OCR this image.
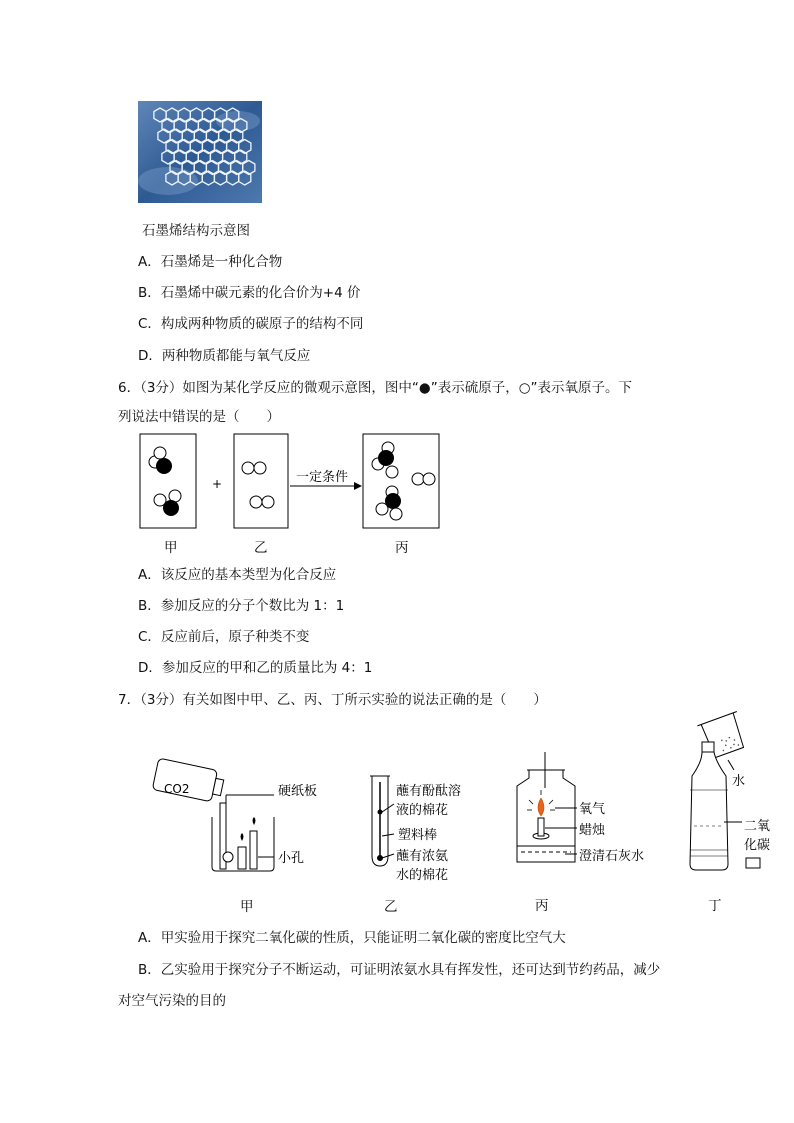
石墨烯结构示意图
A．石墨烯是一种化合物
B．石墨烯中碳元素的化合价为+4 价
C．构成两种物质的碳原子的结构不同
D．两种物质都能与氧气反应
6．（3分）如图为某化学反应的微观示意图，图中“●”表示硫原子，○”表示氧原子。下
列说法中错误的是（　　）
+	一定条件
甲	乙	丙
A．该反应的基本类型为化合反应
B．参加反应的分子个数比为 1：1
C．反应前后，原子种类不变
D．参加反应的甲和乙的质量比为 4：1
7．（3分）有关如图中甲、乙、丙、丁所示实验的说法正确的是（　　）
CO2	硬纸板
小孔
甲
蘸有酚酞溶
液的棉花
塑料棒
蘸有浓氨
水的棉花
乙
氧气
蜡烛
澄清石灰水
丙
水
二氧
化碳
丁
A．甲实验用于探究二氧化碳的性质，只能证明二氧化碳的密度比空气大
B．乙实验用于探究分子不断运动，可证明浓氨水具有挥发性，还可达到节约药品，减少
对空气污染的目的
